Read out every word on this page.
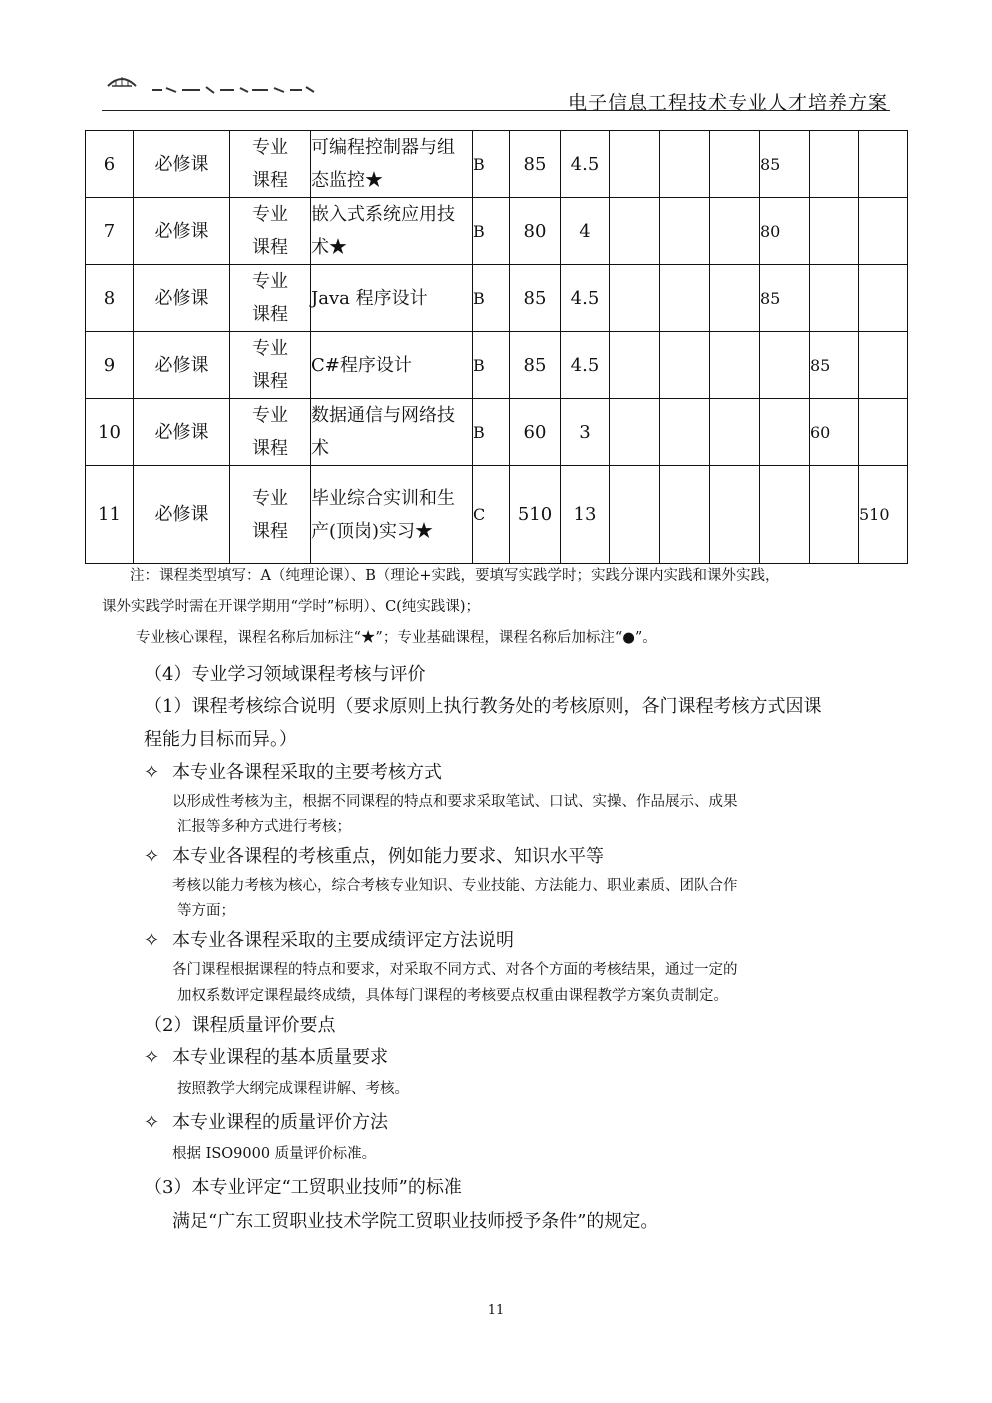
电子信息工程技术专业人才培养方案
6	必修课	专业课程	可编程控制器与组态监控★	B	85	4.5				85		
7	必修课	专业课程	嵌入式系统应用技术★	B	80	4				80		
8	必修课	专业课程	Java 程序设计	B	85	4.5				85		
9	必修课	专业课程	C#程序设计	B	85	4.5					85	
10	必修课	专业课程	数据通信与网络技术	B	60	3					60	
11	必修课	专业课程	毕业综合实训和生产(顶岗)实习★	C	510	13						510
注：课程类型填写：A（纯理论课）、B（理论+实践，要填写实践学时；实践分课内实践和课外实践，
课外实践学时需在开课学期用“学时”标明）、C(纯实践课)；
专业核心课程，课程名称后加标注“★”；专业基础课程，课程名称后加标注“●”。
（4）专业学习领域课程考核与评价
（1）课程考核综合说明（要求原则上执行教务处的考核原则，各门课程考核方式因课
程能力目标而异。）
✧ 本专业各课程采取的主要考核方式
以形成性考核为主，根据不同课程的特点和要求采取笔试、口试、实操、作品展示、成果
汇报等多种方式进行考核；
✧ 本专业各课程的考核重点，例如能力要求、知识水平等
考核以能力考核为核心，综合考核专业知识、专业技能、方法能力、职业素质、团队合作
等方面；
✧ 本专业各课程采取的主要成绩评定方法说明
各门课程根据课程的特点和要求，对采取不同方式、对各个方面的考核结果，通过一定的
加权系数评定课程最终成绩，具体每门课程的考核要点权重由课程教学方案负责制定。
（2）课程质量评价要点
✧ 本专业课程的基本质量要求
按照教学大纲完成课程讲解、考核。
✧ 本专业课程的质量评价方法
根据 ISO9000 质量评价标准。
（3）本专业评定“工贸职业技师”的标准
满足“广东工贸职业技术学院工贸职业技师授予条件”的规定。
11
